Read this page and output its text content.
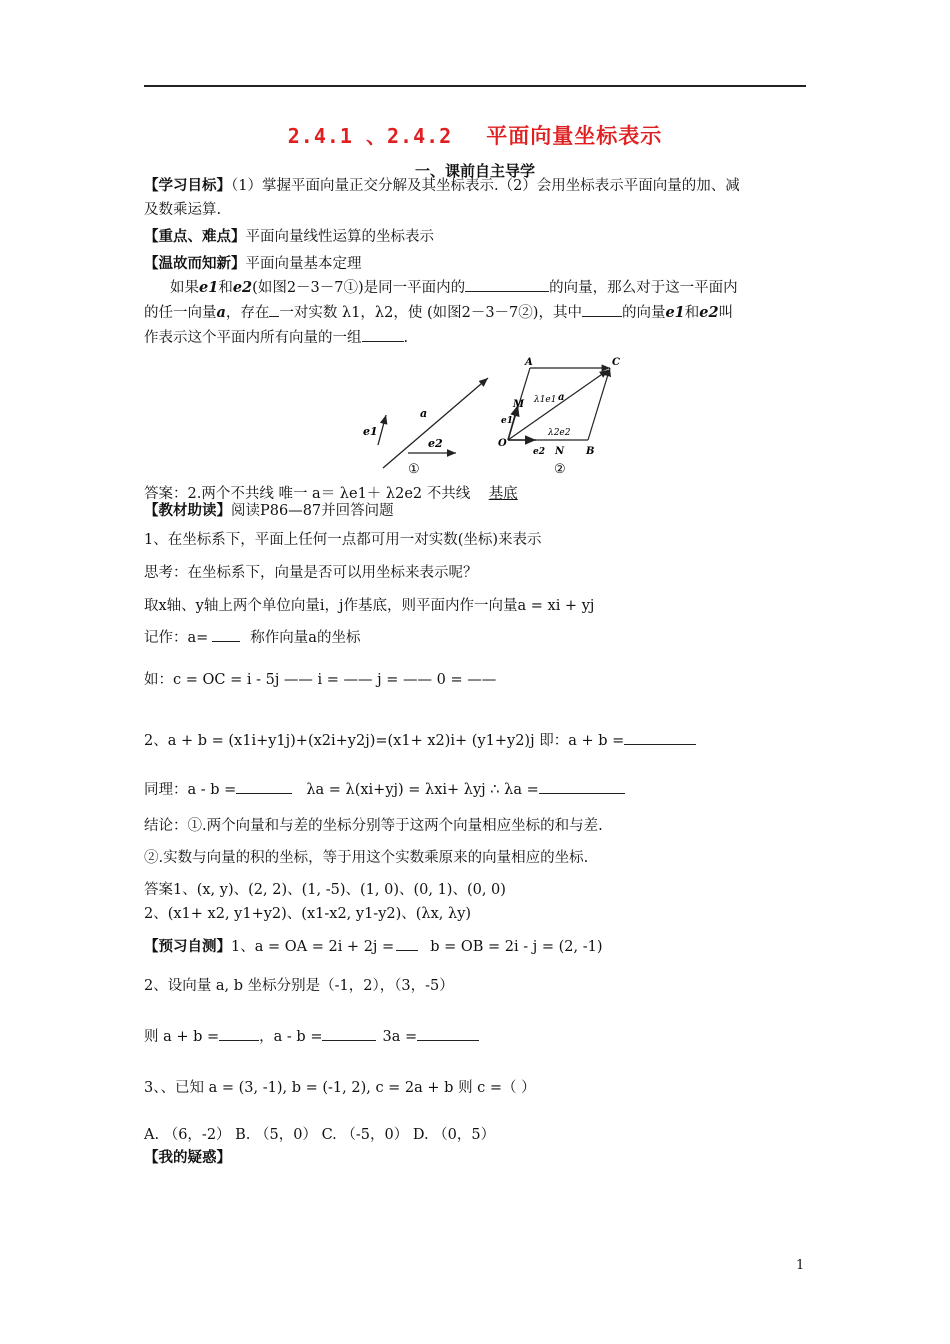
2.4.1 、2.4.2 平面向量坐标表示
一、课前自主导学
【学习目标】（1）掌握平面向量正交分解及其坐标表示.（2）会用坐标表示平面向量的加、减
及数乘运算.
【重点、难点】平面向量线性运算的坐标表示
【温故而知新】平面向量基本定理
如果e1和e2(如图2－3－7①)是同一平面内的	的向量，那么对于这一平面内
的任一向量a，存在 一对实数 λ1，λ2，使 (如图2－3－7②)，其中	的向量e1和e2叫
作表示这个平面内所有向量的一组	.
e1
a
e2
①
A	C
M
O
N B
λ1e1 a
λ2e2
e1
e2
②
答案：2.两个不共线 唯一 a＝ λe1＋ λ2e2 不共线 基底
【教材助读】阅读P86—87并回答问题
1、在坐标系下，平面上任何一点都可用一对实数(坐标)来表示
思考：在坐标系下，向量是否可以用坐标来表示呢？
取x轴、y轴上两个单位向量i，j作基底，则平面内作一向量a = xi + yj
记作：a=	称作向量a的坐标
如：c = OC = i - 5j —— i = —— j = —— 0 = ——
2、a + b = (x1i+y1j)+(x2i+y2j)=(x1+ x2)i+ (y1+y2)j 即：a + b =
同理：a - b =	λa = λ(xi+yj) = λxi+ λyj ∴ λa =
结论：①.两个向量和与差的坐标分别等于这两个向量相应坐标的和与差.
②.实数与向量的积的坐标，等于用这个实数乘原来的向量相应的坐标.
答案1、(x, y)、(2, 2)、(1, -5)、(1, 0)、(0, 1)、(0, 0)
2、(x1+ x2, y1+y2)、(x1-x2, y1-y2)、(λx, λy)
【预习自测】1、a = OA = 2i + 2j = b = OB = 2i - j = (2, -1)
2、设向量 a, b 坐标分别是（-1，2），（3，-5）
则 a + b =	，a - b =	3a =
3、、已知 a = (3, -1), b = (-1, 2), c = 2a + b 则 c =（ ）
A. （6，-2） B. （5，0） C. （-5，0） D. （0，5）
【我的疑惑】
1
